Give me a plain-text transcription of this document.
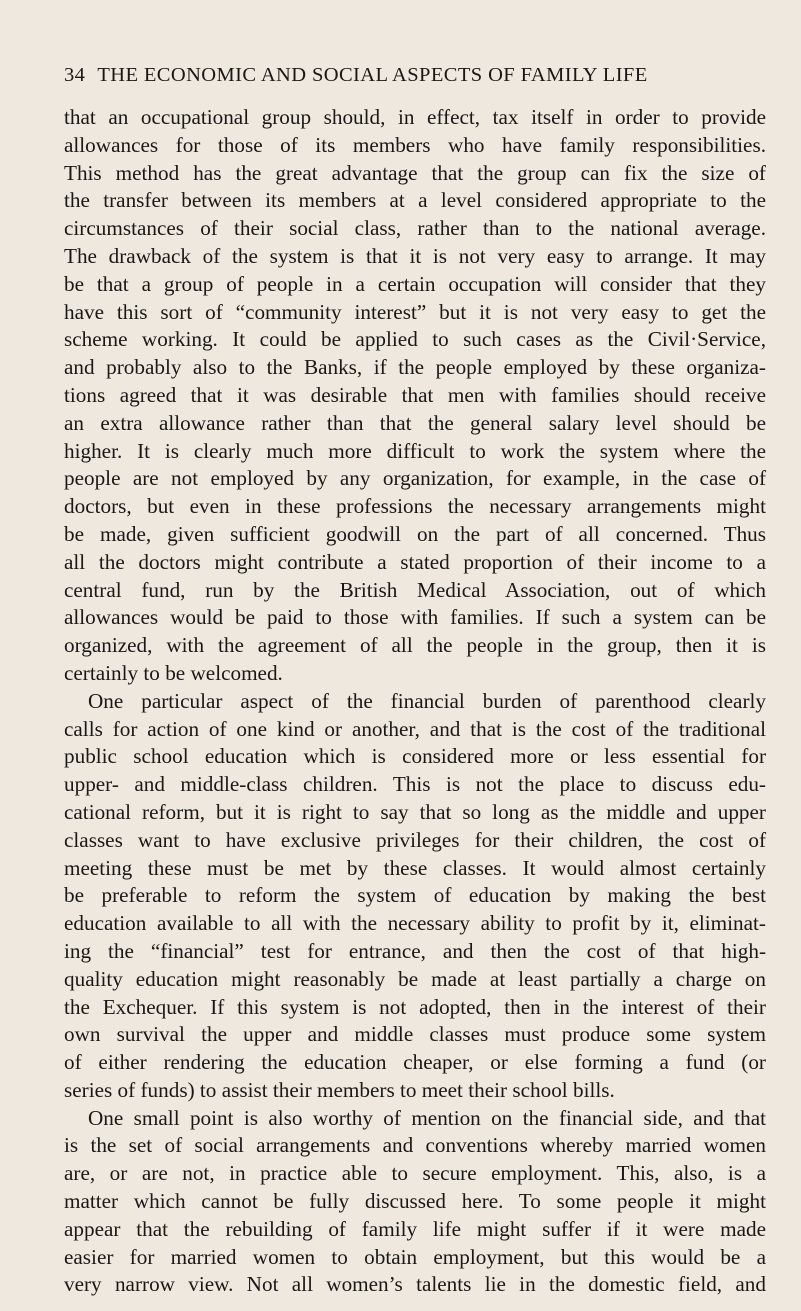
34 THE ECONOMIC AND SOCIAL ASPECTS OF FAMILY LIFE
that an occupational group should, in effect, tax itself in order to provide
allowances for those of its members who have family responsibilities.
This method has the great advantage that the group can fix the size of
the transfer between its members at a level considered appropriate to the
circumstances of their social class, rather than to the national average.
The drawback of the system is that it is not very easy to arrange. It may
be that a group of people in a certain occupation will consider that they
have this sort of “community interest” but it is not very easy to get the
scheme working. It could be applied to such cases as the Civil·Service,
and probably also to the Banks, if the people employed by these organiza-
tions agreed that it was desirable that men with families should receive
an extra allowance rather than that the general salary level should be
higher. It is clearly much more difficult to work the system where the
people are not employed by any organization, for example, in the case of
doctors, but even in these professions the necessary arrangements might
be made, given sufficient goodwill on the part of all concerned. Thus
all the doctors might contribute a stated proportion of their income to a
central fund, run by the British Medical Association, out of which
allowances would be paid to those with families. If such a system can be
organized, with the agreement of all the people in the group, then it is
certainly to be welcomed.
One particular aspect of the financial burden of parenthood clearly
calls for action of one kind or another, and that is the cost of the traditional
public school education which is considered more or less essential for
upper- and middle-class children. This is not the place to discuss edu-
cational reform, but it is right to say that so long as the middle and upper
classes want to have exclusive privileges for their children, the cost of
meeting these must be met by these classes. It would almost certainly
be preferable to reform the system of education by making the best
education available to all with the necessary ability to profit by it, eliminat-
ing the “financial” test for entrance, and then the cost of that high-
quality education might reasonably be made at least partially a charge on
the Exchequer. If this system is not adopted, then in the interest of their
own survival the upper and middle classes must produce some system
of either rendering the education cheaper, or else forming a fund (or
series of funds) to assist their members to meet their school bills.
One small point is also worthy of mention on the financial side, and that
is the set of social arrangements and conventions whereby married women
are, or are not, in practice able to secure employment. This, also, is a
matter which cannot be fully discussed here. To some people it might
appear that the rebuilding of family life might suffer if it were made
easier for married women to obtain employment, but this would be a
very narrow view. Not all women’s talents lie in the domestic field, and
